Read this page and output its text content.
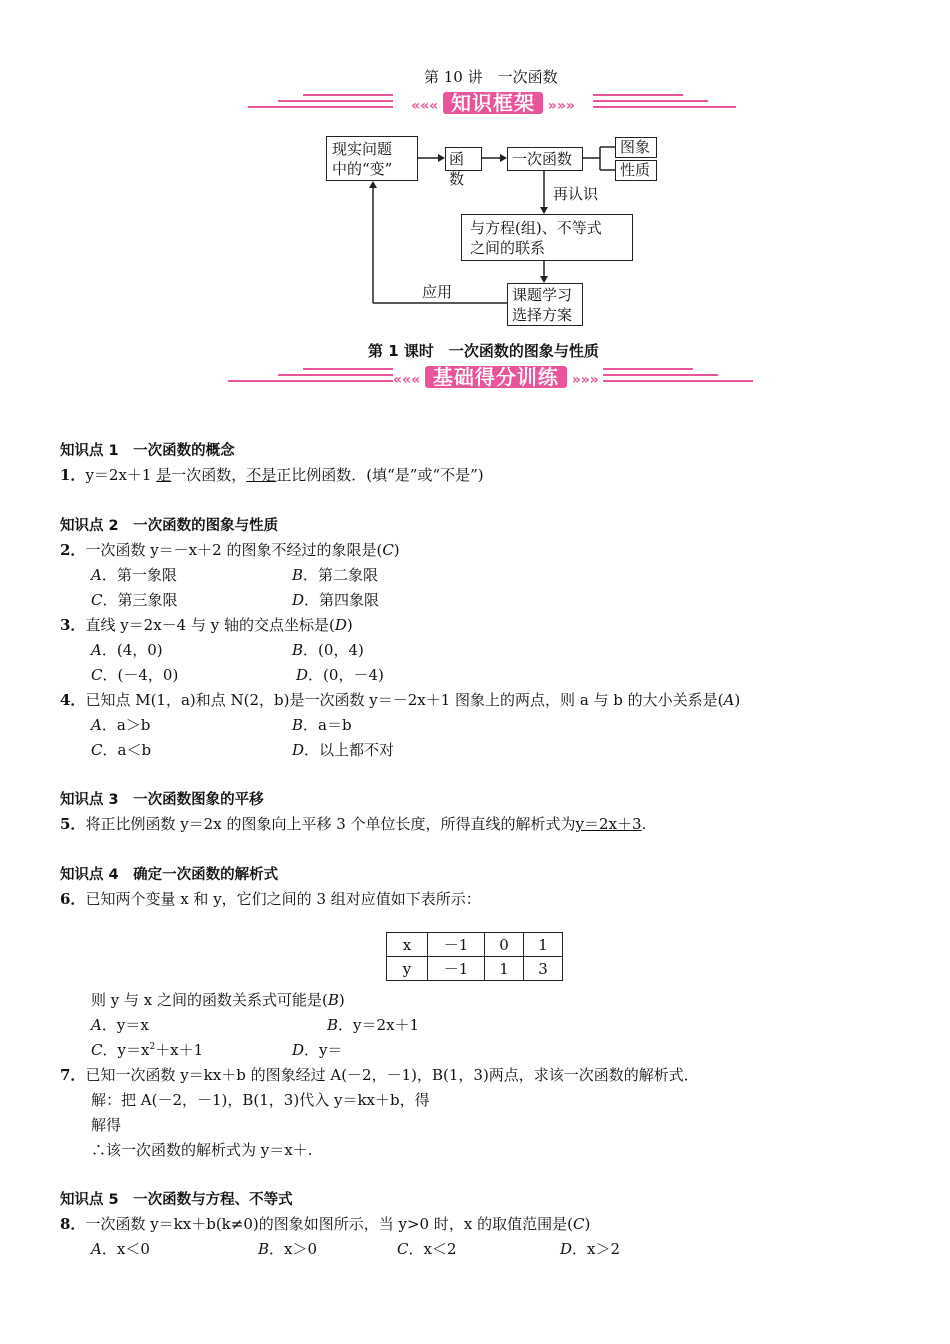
第 10 讲　一次函数
««« 知识框架 »»»
现实问题
中的“变”
函数
一次函数
图象
性质
再认识
与方程(组)、不等式
之间的联系
应用	课题学习
选择方案
第 1 课时　一次函数的图象与性质
««« 基础得分训练 »»»
知识点 1　一次函数的概念
1．y＝2x＋1 是一次函数，不是正比例函数．(填“是”或“不是”)
知识点 2　一次函数的图象与性质
2．一次函数 y＝－x＋2 的图象不经过的象限是(C)
A．第一象限	B．第二象限
C．第三象限	D．第四象限
3．直线 y＝2x－4 与 y 轴的交点坐标是(D)
A．(4，0)	B．(0，4)
C．(－4，0)	D．(0，－4)
4．已知点 M(1，a)和点 N(2，b)是一次函数 y＝－2x＋1 图象上的两点，则 a 与 b 的大小关系是(A)
A．a＞b	B．a＝b
C．a＜b	D．以上都不对
知识点 3　一次函数图象的平移
5．将正比例函数 y＝2x 的图象向上平移 3 个单位长度，所得直线的解析式为y＝2x＋3.
知识点 4　确定一次函数的解析式
6．已知两个变量 x 和 y，它们之间的 3 组对应值如下表所示：
x	－1	0	1
y	－1	1	3
则 y 与 x 之间的函数关系式可能是(B)
A．y＝x	B．y＝2x＋1
C．$y=x^2+x+1$	D．y＝
7．已知一次函数 y＝kx＋b 的图象经过 A(－2，－1)，B(1，3)两点，求该一次函数的解析式．
解：把 A(－2，－1)，B(1，3)代入 y＝kx＋b，得
解得
∴该一次函数的解析式为 y＝x＋.
知识点 5　一次函数与方程、不等式
8．一次函数 y＝kx＋b(k≠0)的图象如图所示，当 y>0 时，x 的取值范围是(C)
A．x＜0	B．x＞0	C．x＜2	D．x＞2
